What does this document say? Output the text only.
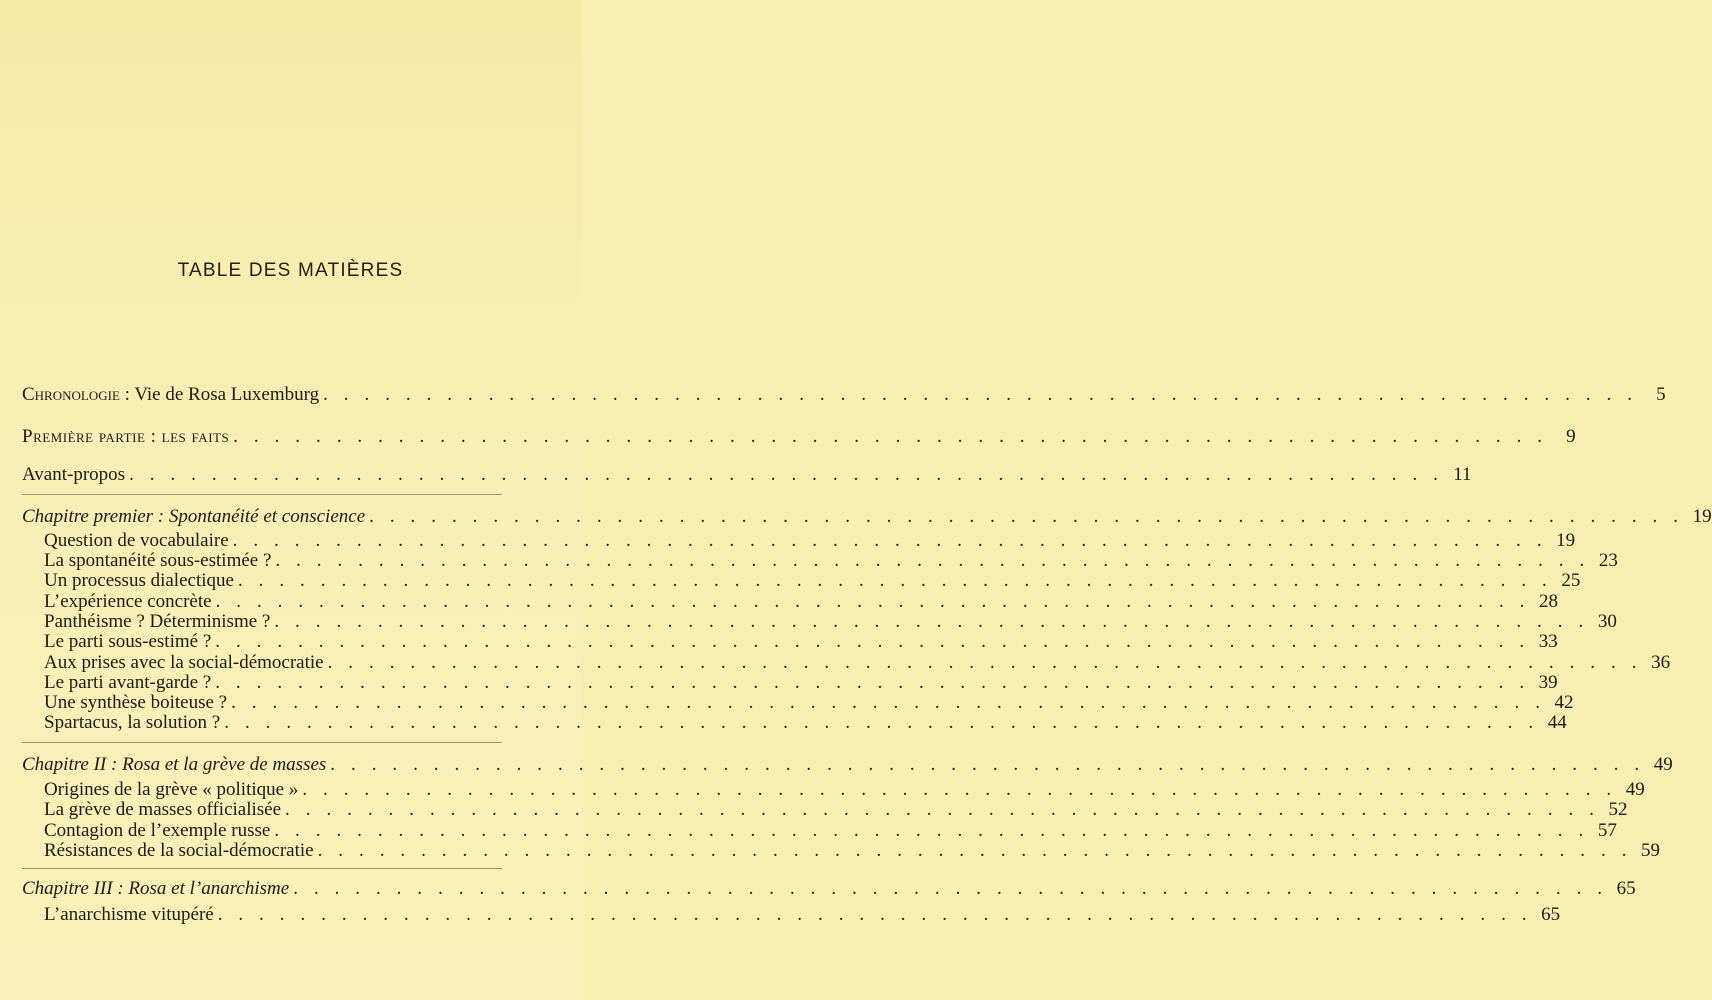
TABLE DES MATIÈRES
Chronologie : Vie de Rosa Luxemburg . . . . . . . . . . . . . . . . . . . . . . . . . . . . . . . . . . . . . . . . . . . . . . . . . . . . . . . . . . . . . . . . 5
Première partie : les faits . . . . . . . . . . . . . . . . . . . . . . . . . . . . . . . . . . . . . . . . . . . . . . . . . . . . . . . . . . . . . . . . 9
Avant-propos . . . . . . . . . . . . . . . . . . . . . . . . . . . . . . . . . . . . . . . . . . . . . . . . . . . . . . . . . . . . . . . . 11
Chapitre premier : Spontanéité et conscience . . . . . . . . . . . . . . . . . . . . . . . . . . . . . . . . . . . . . . . . . . . . . . . . . . . . . . . . . . . . . . . . 19
Question de vocabulaire . . . . . . . . . . . . . . . . . . . . . . . . . . . . . . . . . . . . . . . . . . . . . . . . . . . . . . . . . . . . . . . . 19
La spontanéité sous-estimée ? . . . . . . . . . . . . . . . . . . . . . . . . . . . . . . . . . . . . . . . . . . . . . . . . . . . . . . . . . . . . . . . . 23
Un processus dialectique . . . . . . . . . . . . . . . . . . . . . . . . . . . . . . . . . . . . . . . . . . . . . . . . . . . . . . . . . . . . . . . . 25
L’expérience concrète . . . . . . . . . . . . . . . . . . . . . . . . . . . . . . . . . . . . . . . . . . . . . . . . . . . . . . . . . . . . . . . . 28
Panthéisme ? Déterminisme ? . . . . . . . . . . . . . . . . . . . . . . . . . . . . . . . . . . . . . . . . . . . . . . . . . . . . . . . . . . . . . . . . 30
Le parti sous-estimé ? . . . . . . . . . . . . . . . . . . . . . . . . . . . . . . . . . . . . . . . . . . . . . . . . . . . . . . . . . . . . . . . . 33
Aux prises avec la social-démocratie . . . . . . . . . . . . . . . . . . . . . . . . . . . . . . . . . . . . . . . . . . . . . . . . . . . . . . . . . . . . . . . . 36
Le parti avant-garde ? . . . . . . . . . . . . . . . . . . . . . . . . . . . . . . . . . . . . . . . . . . . . . . . . . . . . . . . . . . . . . . . . 39
Une synthèse boiteuse ? . . . . . . . . . . . . . . . . . . . . . . . . . . . . . . . . . . . . . . . . . . . . . . . . . . . . . . . . . . . . . . . . 42
Spartacus, la solution ? . . . . . . . . . . . . . . . . . . . . . . . . . . . . . . . . . . . . . . . . . . . . . . . . . . . . . . . . . . . . . . . . 44
Chapitre II : Rosa et la grève de masses . . . . . . . . . . . . . . . . . . . . . . . . . . . . . . . . . . . . . . . . . . . . . . . . . . . . . . . . . . . . . . . . 49
Origines de la grève « politique » . . . . . . . . . . . . . . . . . . . . . . . . . . . . . . . . . . . . . . . . . . . . . . . . . . . . . . . . . . . . . . . . 49
La grève de masses officialisée . . . . . . . . . . . . . . . . . . . . . . . . . . . . . . . . . . . . . . . . . . . . . . . . . . . . . . . . . . . . . . . . 52
Contagion de l’exemple russe . . . . . . . . . . . . . . . . . . . . . . . . . . . . . . . . . . . . . . . . . . . . . . . . . . . . . . . . . . . . . . . . 57
Résistances de la social-démocratie . . . . . . . . . . . . . . . . . . . . . . . . . . . . . . . . . . . . . . . . . . . . . . . . . . . . . . . . . . . . . . . . 59
Chapitre III : Rosa et l’anarchisme . . . . . . . . . . . . . . . . . . . . . . . . . . . . . . . . . . . . . . . . . . . . . . . . . . . . . . . . . . . . . . . . 65
L’anarchisme vitupéré . . . . . . . . . . . . . . . . . . . . . . . . . . . . . . . . . . . . . . . . . . . . . . . . . . . . . . . . . . . . . . . . 65
